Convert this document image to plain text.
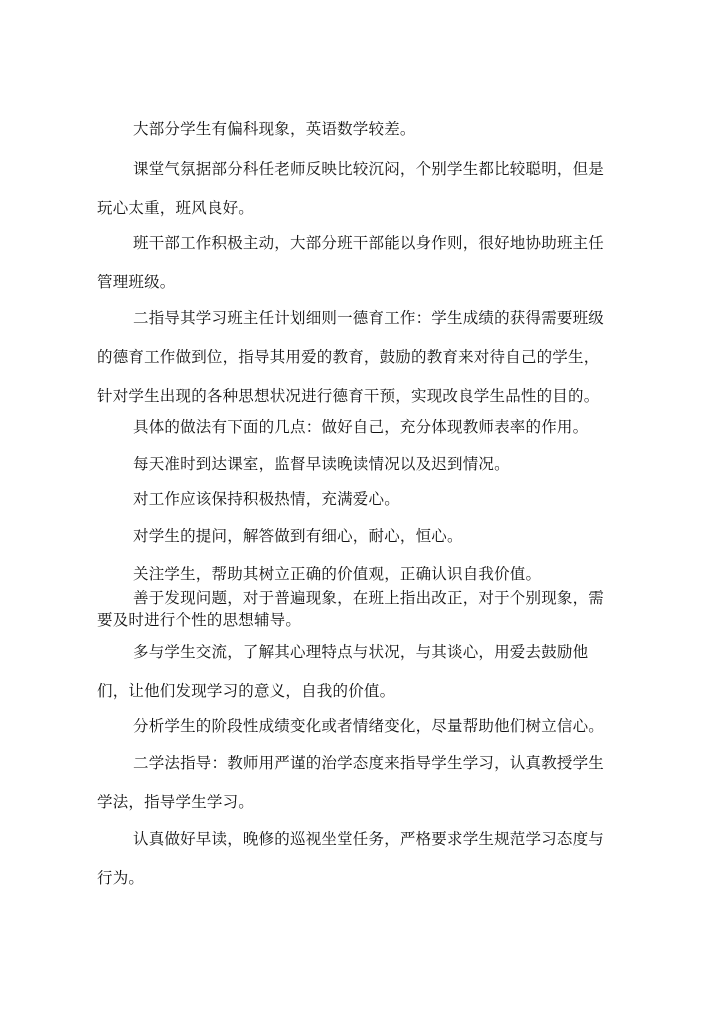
大部分学生有偏科现象，英语数学较差。

课堂气氛据部分科任老师反映比较沉闷，个别学生都比较聪明，但是玩心太重，班风良好。

班干部工作积极主动，大部分班干部能以身作则，很好地协助班主任管理班级。

二指导其学习班主任计划细则一德育工作：学生成绩的获得需要班级的德育工作做到位，指导其用爱的教育，鼓励的教育来对待自己的学生，针对学生出现的各种思想状况进行德育干预，实现改良学生品性的目的。

具体的做法有下面的几点：做好自己，充分体现教师表率的作用。

每天准时到达课室，监督早读晚读情况以及迟到情况。

对工作应该保持积极热情，充满爱心。

对学生的提问，解答做到有细心，耐心，恒心。

关注学生，帮助其树立正确的价值观，正确认识自我价值。

善于发现问题，对于普遍现象，在班上指出改正，对于个别现象，需要及时进行个性的思想辅导。

多与学生交流，了解其心理特点与状况，与其谈心，用爱去鼓励他们，让他们发现学习的意义，自我的价值。

分析学生的阶段性成绩变化或者情绪变化，尽量帮助他们树立信心。

二学法指导：教师用严谨的治学态度来指导学生学习，认真教授学生学法，指导学生学习。

认真做好早读，晚修的巡视坐堂任务，严格要求学生规范学习态度与行为。
